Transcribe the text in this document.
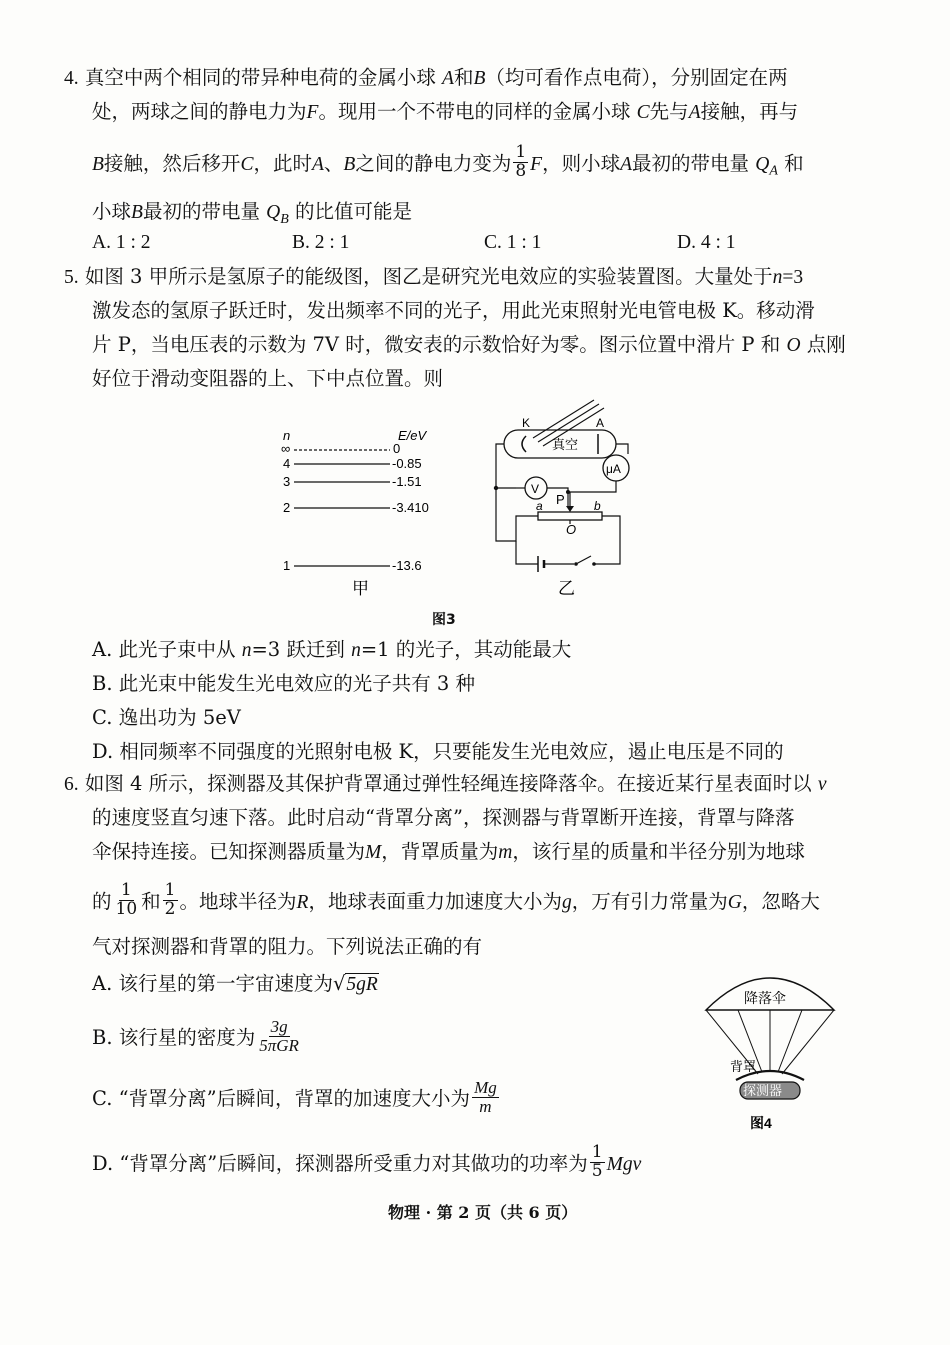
4. 真空中两个相同的带异种电荷的金属小球 A和B（均可看作点电荷），分别固定在两
处，两球之间的静电力为F。现用一个不带电的同样的金属小球 C先与A接触，再与
B接触，然后移开C，此时A、B之间的静电力变为 $\frac{1}{8}$ F，则小球A最初的带电量 $Q_A$ 和
小球B最初的带电量 $Q_B$ 的比值可能是
A. 1 : 2	B. 2 : 1	C. 1 : 1	D. 4 : 1
5. 如图 3 甲所示是氢原子的能级图，图乙是研究光电效应的实验装置图。大量处于n=3
激发态的氢原子跃迁时，发出频率不同的光子，用此光束照射光电管电极 K。移动滑
片 P，当电压表的示数为 7V 时，微安表的示数恰好为零。图示位置中滑片 P 和 O 点刚
好位于滑动变阻器的上、下中点位置。则
n	E/eV
∞	0
4	-0.85
3	-1.51
2	-3.410
1	-13.6
甲
K	A
真空
μA
V
P
a	b
O
乙
图3
A. 此光子束中从 n=3 跃迁到 n=1 的光子，其动能最大
B. 此光束中能发生光电效应的光子共有 3 种
C. 逸出功为 5eV
D. 相同频率不同强度的光照射电极 K，只要能发生光电效应，遏止电压是不同的
6. 如图 4 所示，探测器及其保护背罩通过弹性轻绳连接降落伞。在接近某行星表面时以 v
的速度竖直匀速下落。此时启动“背罩分离”，探测器与背罩断开连接，背罩与降落
伞保持连接。已知探测器质量为M，背罩质量为m，该行星的质量和半径分别为地球
的 $\frac{1}{10}$ 和 $\frac{1}{2}$ 。地球半径为R，地球表面重力加速度大小为g，万有引力常量为G，忽略大
气对探测器和背罩的阻力。下列说法正确的有
A. 该行星的第一宇宙速度为√5gR
B. 该行星的密度为 $\frac{3g}{\text{5πGR}}$
C. “背罩分离”后瞬间，背罩的加速度大小为 $\frac{Mg}{m}$
D. “背罩分离”后瞬间，探测器所受重力对其做功的功率为 $\frac{1}{5}$ Mgv
降落伞
背罩
探测器
图4
物理 · 第 2 页（共 6 页）
